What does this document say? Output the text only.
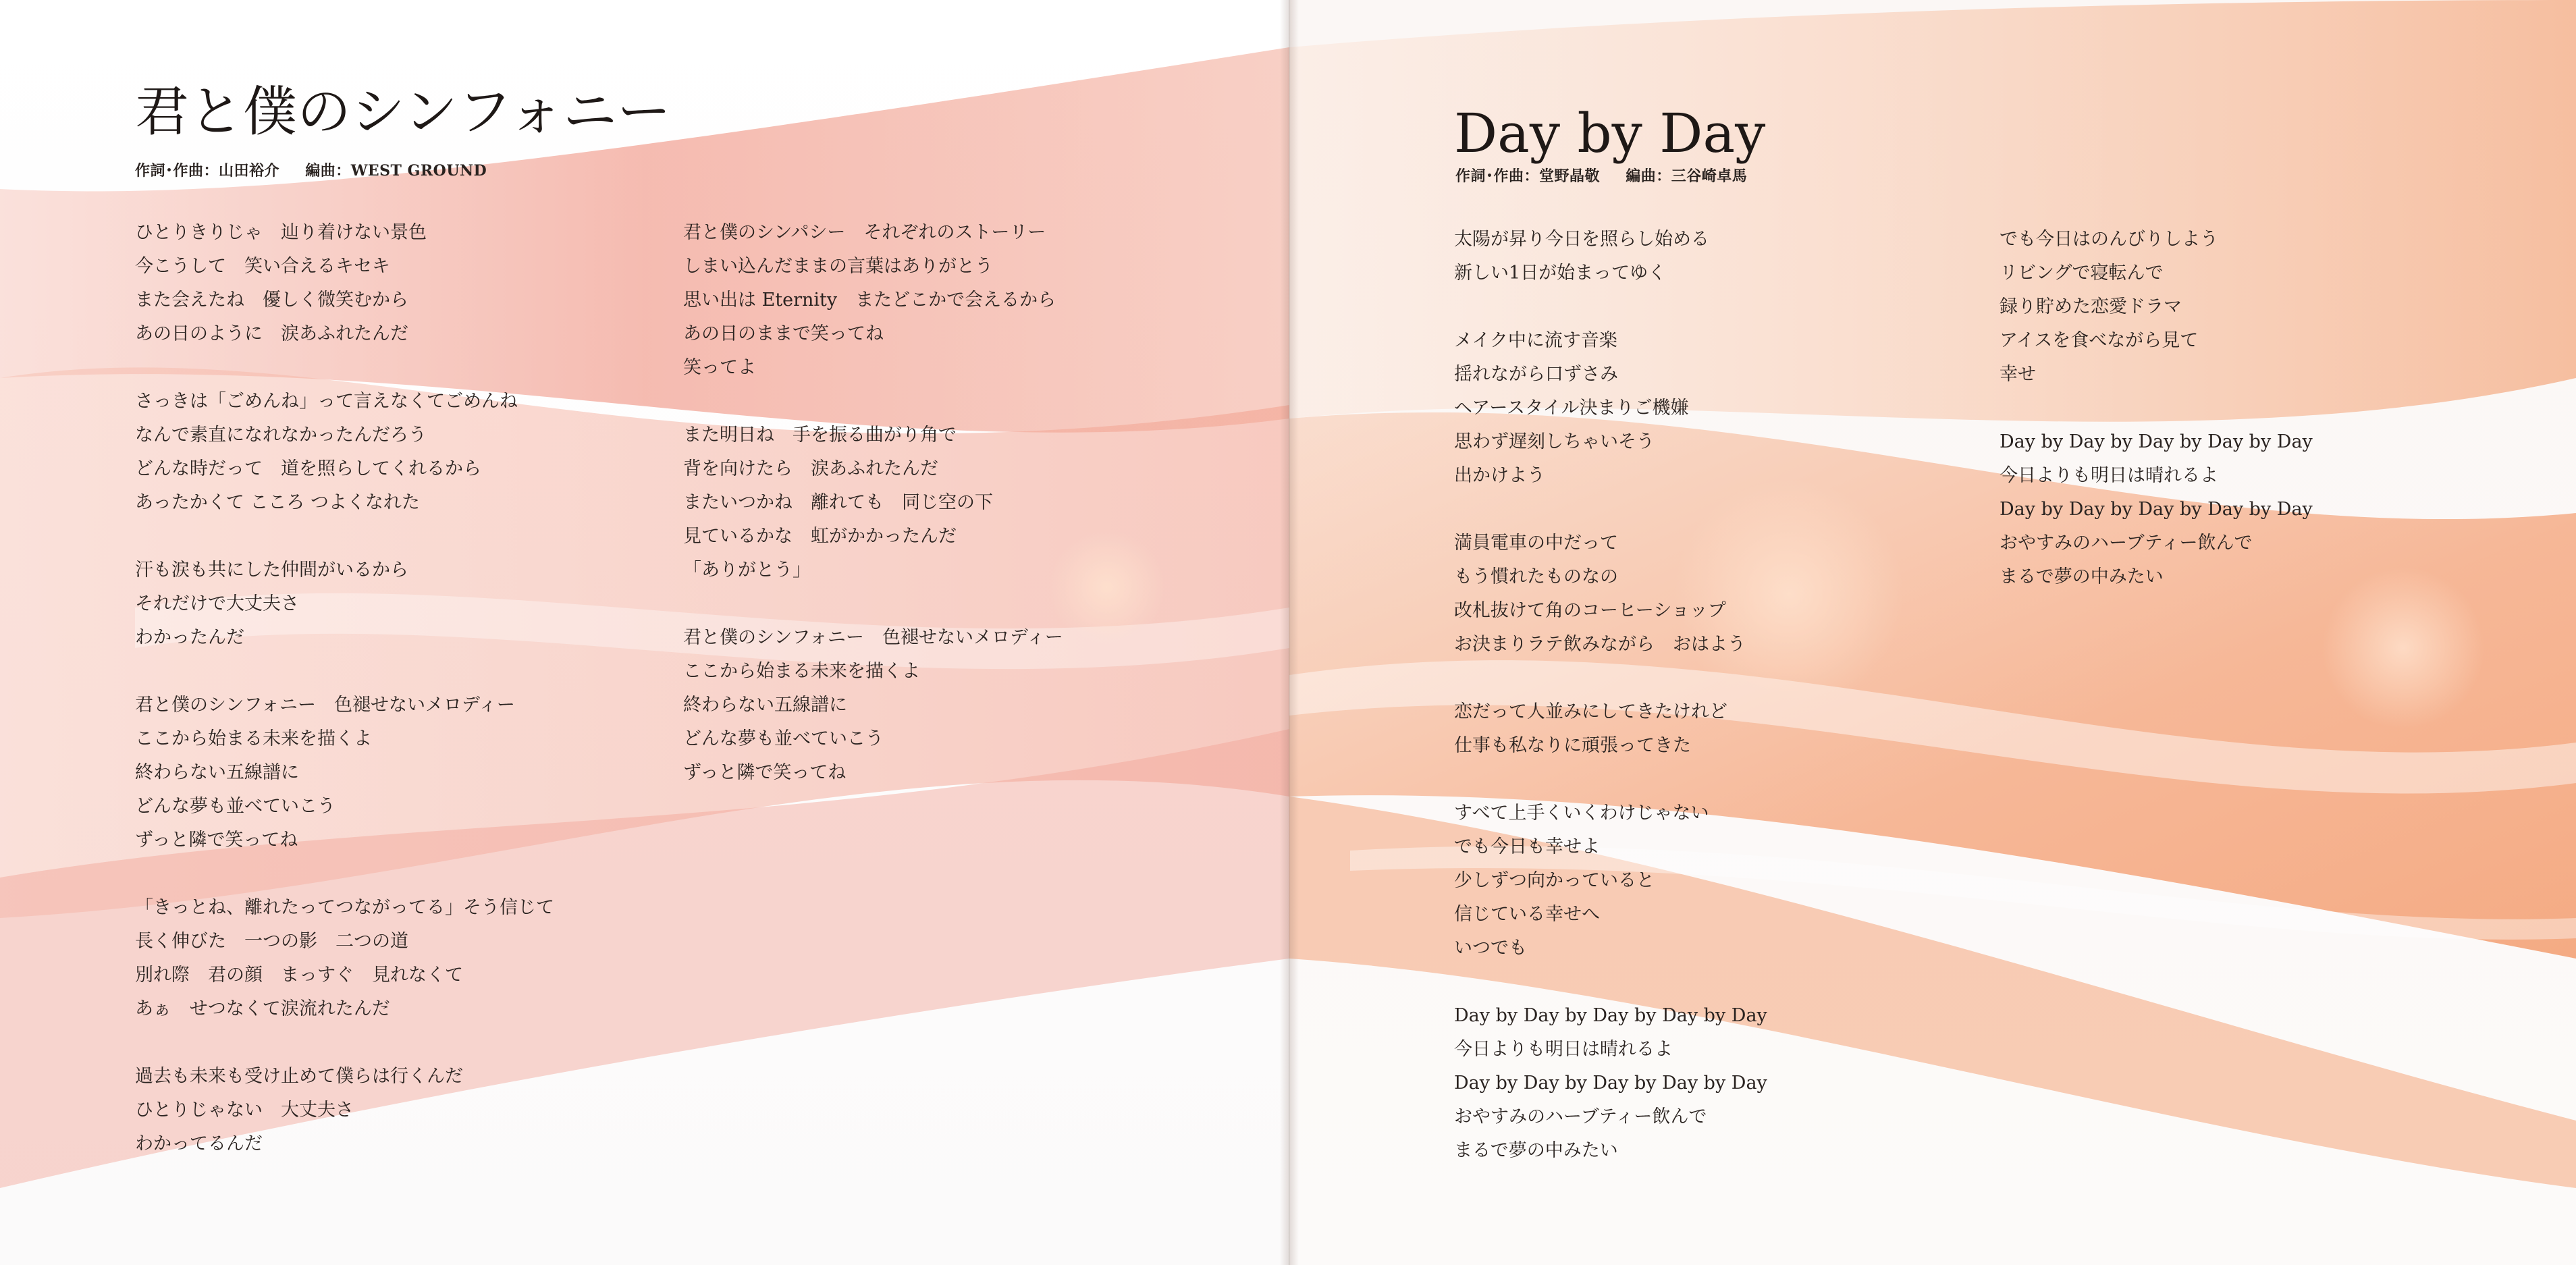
君と僕のシンフォニー
作詞･作曲：山田裕介 編曲：WEST GROUND
ひとりきりじゃ　辿り着けない景色
今こうして　笑い合えるキセキ
また会えたね　優しく微笑むから
あの日のように　涙あふれたんだ
さっきは「ごめんね」って言えなくてごめんね
なんで素直になれなかったんだろう
どんな時だって　道を照らしてくれるから
あったかくて こころ つよくなれた
汗も涙も共にした仲間がいるから
それだけで大丈夫さ
わかったんだ
君と僕のシンフォニー　色褪せないメロディー
ここから始まる未来を描くよ
終わらない五線譜に
どんな夢も並べていこう
ずっと隣で笑ってね
「きっとね、離れたってつながってる」そう信じて
長く伸びた　一つの影　二つの道
別れ際　君の顔　まっすぐ　見れなくて
あぁ　せつなくて涙流れたんだ
過去も未来も受け止めて僕らは行くんだ
ひとりじゃない　大丈夫さ
わかってるんだ
君と僕のシンパシー　それぞれのストーリー
しまい込んだままの言葉はありがとう
思い出は Eternity　またどこかで会えるから
あの日のままで笑ってね
笑ってよ
また明日ね　手を振る曲がり角で
背を向けたら　涙あふれたんだ
またいつかね　離れても　同じ空の下
見ているかな　虹がかかったんだ
「ありがとう」
君と僕のシンフォニー　色褪せないメロディー
ここから始まる未来を描くよ
終わらない五線譜に
どんな夢も並べていこう
ずっと隣で笑ってね
Day by Day
作詞･作曲：堂野晶敬 編曲：三谷崎卓馬
太陽が昇り今日を照らし始める
新しい1日が始まってゆく
メイク中に流す音楽
揺れながら口ずさみ
ヘアースタイル決まりご機嫌
思わず遅刻しちゃいそう
出かけよう
満員電車の中だって
もう慣れたものなの
改札抜けて角のコーヒーショップ
お決まりラテ飲みながら　おはよう
恋だって人並みにしてきたけれど
仕事も私なりに頑張ってきた
すべて上手くいくわけじゃない
でも今日も幸せよ
少しずつ向かっていると
信じている幸せへ
いつでも
Day by Day by Day by Day by Day
今日よりも明日は晴れるよ
Day by Day by Day by Day by Day
おやすみのハーブティー飲んで
まるで夢の中みたい
でも今日はのんびりしよう
リビングで寝転んで
録り貯めた恋愛ドラマ
アイスを食べながら見て
幸せ
Day by Day by Day by Day by Day
今日よりも明日は晴れるよ
Day by Day by Day by Day by Day
おやすみのハーブティー飲んで
まるで夢の中みたい
